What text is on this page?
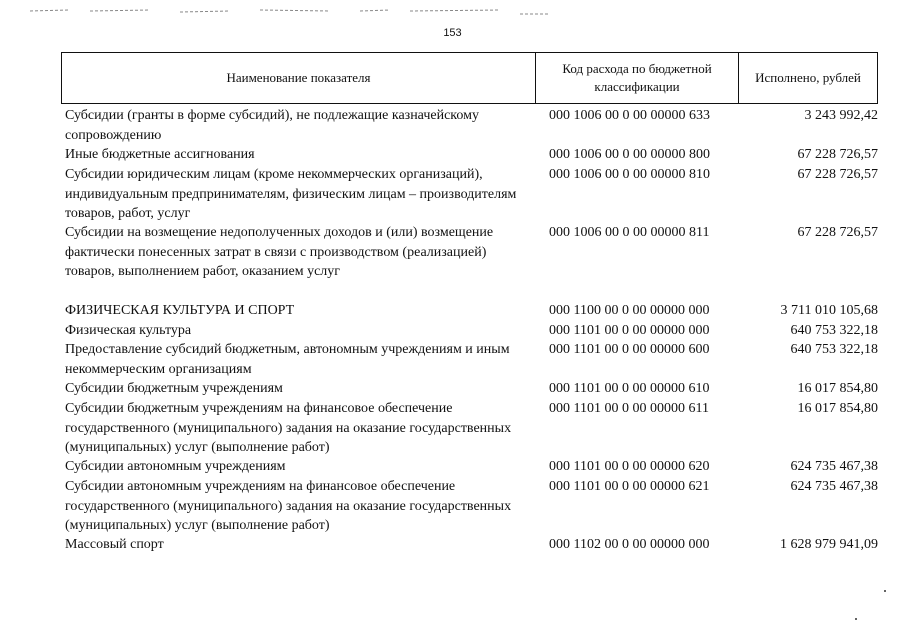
153
Наименование показателя
Код расхода по бюджетной классификации
Исполнено, рублей
Субсидии (гранты в форме субсидий), не подлежащие казначейскому сопровождению
000 1006 00 0 00 00000 633	3 243 992,42
Иные бюджетные ассигнования	000 1006 00 0 00 00000 800	67 228 726,57
Субсидии юридическим лицам (кроме некоммерческих организаций), индивидуальным предпринимателям, физическим лицам – производителям товаров, работ, услуг
000 1006 00 0 00 00000 810	67 228 726,57
Субсидии на возмещение недополученных доходов и (или) возмещение фактически понесенных затрат в связи с производством (реализацией) товаров, выполнением работ, оказанием услуг
000 1006 00 0 00 00000 811	67 228 726,57
ФИЗИЧЕСКАЯ КУЛЬТУРА И СПОРТ	000 1100 00 0 00 00000 000	3 711 010 105,68
Физическая культура	000 1101 00 0 00 00000 000	640 753 322,18
Предоставление субсидий бюджетным, автономным учреждениям и иным некоммерческим организациям
000 1101 00 0 00 00000 600	640 753 322,18
Субсидии бюджетным учреждениям	000 1101 00 0 00 00000 610	16 017 854,80
Субсидии бюджетным учреждениям на финансовое обеспечение государственного (муниципального) задания на оказание государственных (муниципальных) услуг (выполнение работ)
000 1101 00 0 00 00000 611	16 017 854,80
Субсидии автономным учреждениям	000 1101 00 0 00 00000 620	624 735 467,38
Субсидии автономным учреждениям на финансовое обеспечение государственного (муниципального) задания на оказание государственных (муниципальных) услуг (выполнение работ)
000 1101 00 0 00 00000 621	624 735 467,38
Массовый спорт	000 1102 00 0 00 00000 000	1 628 979 941,09
